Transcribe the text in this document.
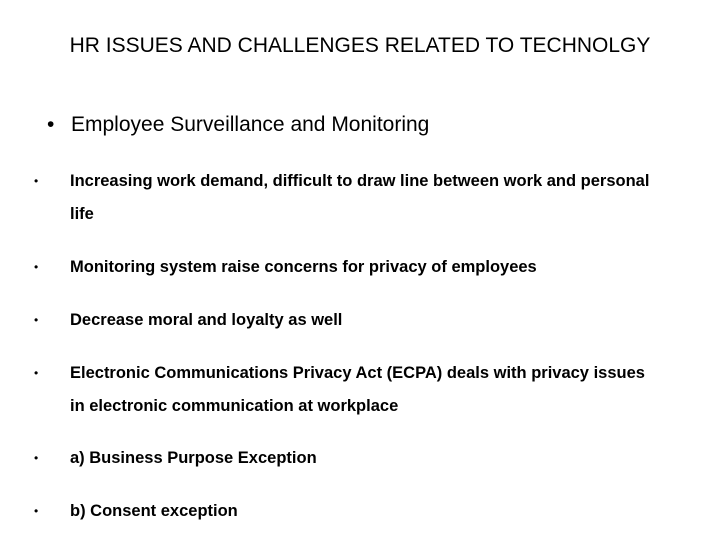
HR ISSUES AND CHALLENGES RELATED TO TECHNOLGY
• Employee Surveillance and Monitoring
• Increasing work demand, difficult to draw line between work and personal life
• Monitoring system raise concerns for privacy of employees
• Decrease moral and loyalty as well
• Electronic Communications Privacy Act (ECPA) deals with privacy issues in electronic communication at workplace
• a) Business Purpose Exception
• b) Consent exception
